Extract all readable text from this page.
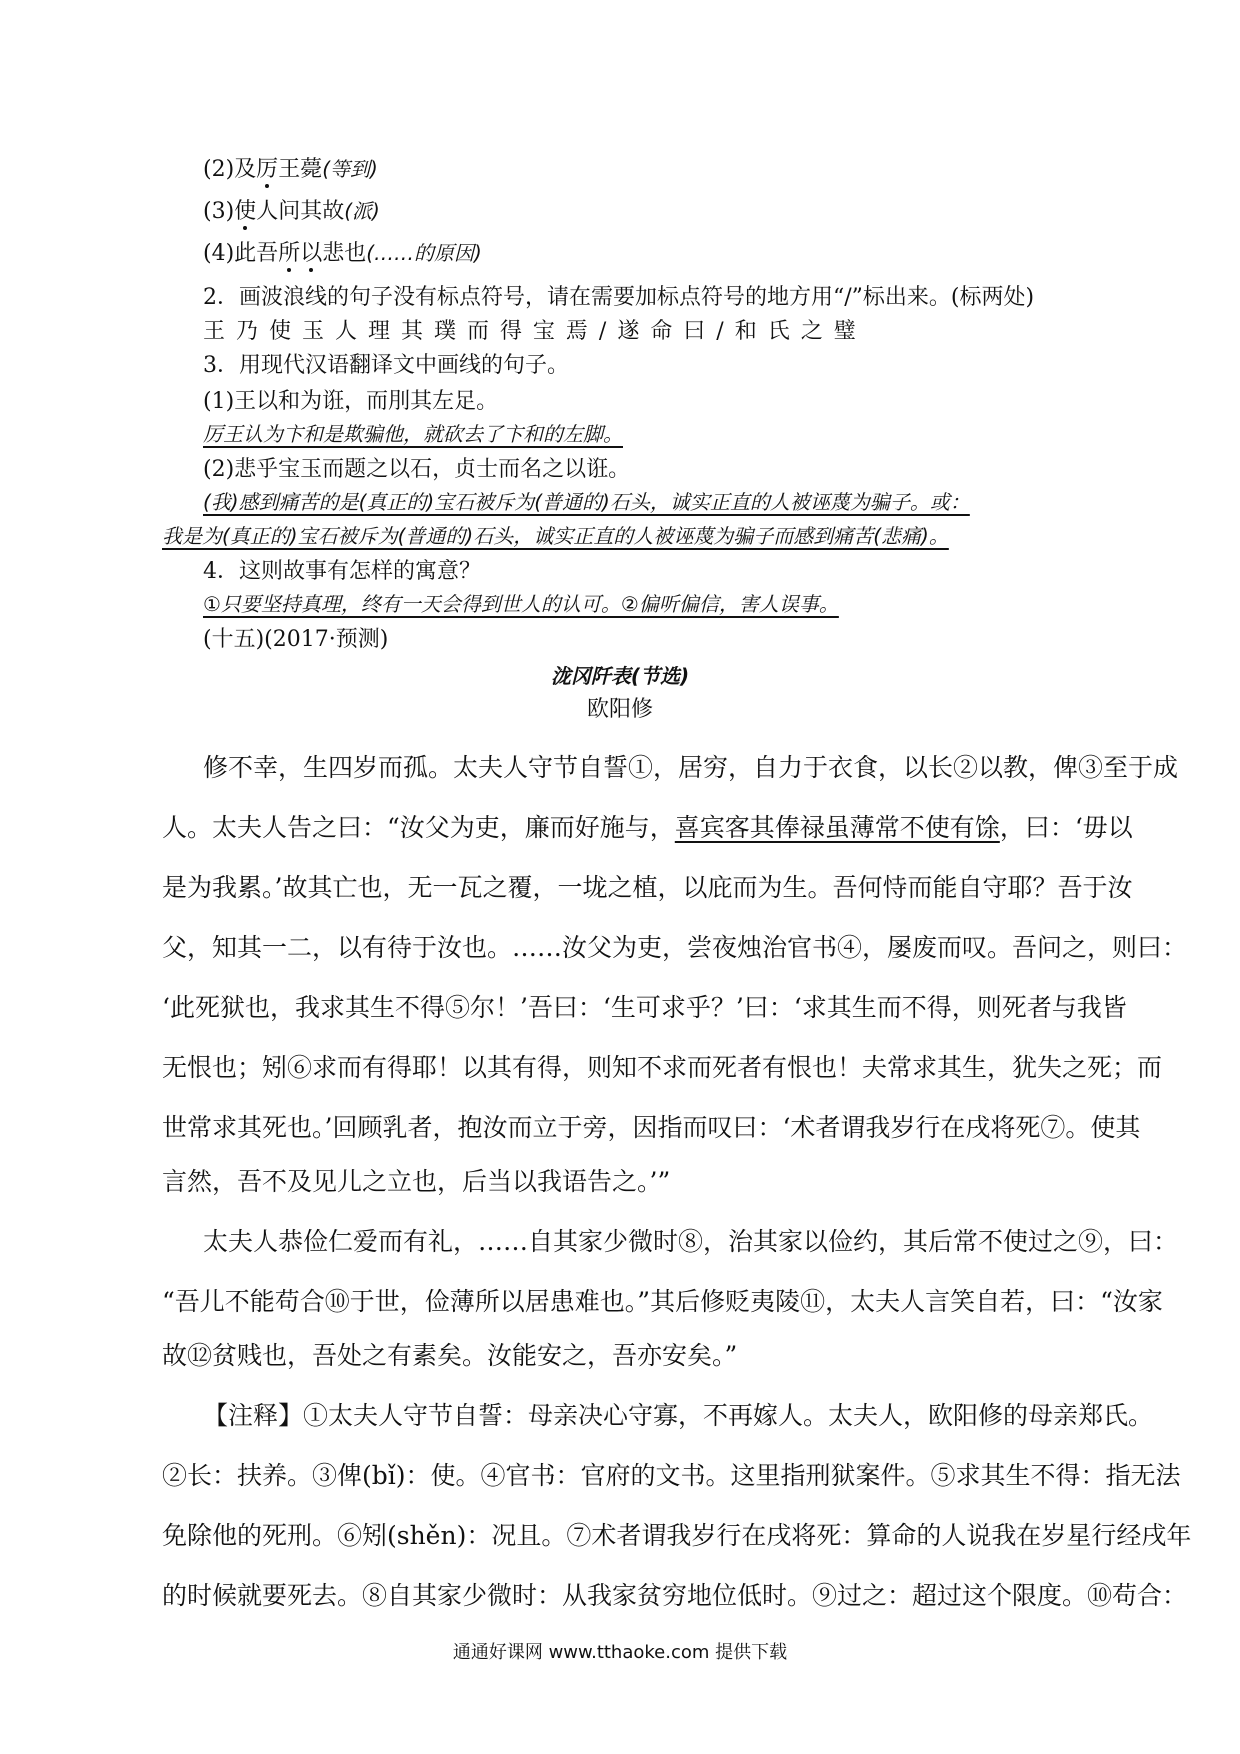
(2)及厉王薨(等到)
(3)使人问其故(派)
(4)此吾所以悲也(……的原因)
2．画波浪线的句子没有标点符号，请在需要加标点符号的地方用“/”标出来。(标两处)
王 乃 使 玉 人 理 其 璞 而 得 宝 焉 / 遂 命 曰 / 和 氏 之 璧
3．用现代汉语翻译文中画线的句子。
(1)王以和为诳，而刖其左足。
厉王认为卞和是欺骗他，就砍去了卞和的左脚。
(2)悲乎宝玉而题之以石，贞士而名之以诳。
(我)感到痛苦的是(真正的)宝石被斥为(普通的)石头，诚实正直的人被诬蔑为骗子。或：
我是为(真正的)宝石被斥为(普通的)石头，诚实正直的人被诬蔑为骗子而感到痛苦(悲痛)。
4．这则故事有怎样的寓意？
①只要坚持真理，终有一天会得到世人的认可。②偏听偏信，害人误事。
(十五)(2017·预测)
泷冈阡表(节选)
欧阳修
修不幸，生四岁而孤。太夫人守节自誓①，居穷，自力于衣食，以长②以教，俾③至于成
人。太夫人告之曰：“汝父为吏，廉而好施与，喜宾客其俸禄虽薄常不使有馀，曰：‘毋以
是为我累。’故其亡也，无一瓦之覆，一垅之植，以庇而为生。吾何恃而能自守耶？吾于汝
父，知其一二，以有待于汝也。……汝父为吏，尝夜烛治官书④，屡废而叹。吾问之，则曰：
‘此死狱也，我求其生不得⑤尔！’吾曰：‘生可求乎？’曰：‘求其生而不得，则死者与我皆
无恨也；矧⑥求而有得耶！以其有得，则知不求而死者有恨也！夫常求其生，犹失之死；而
世常求其死也。’回顾乳者，抱汝而立于旁，因指而叹曰：‘术者谓我岁行在戌将死⑦。使其
言然，吾不及见儿之立也，后当以我语告之。’”
太夫人恭俭仁爱而有礼，……自其家少微时⑧，治其家以俭约，其后常不使过之⑨，曰：
“吾儿不能苟合⑩于世，俭薄所以居患难也。”其后修贬夷陵⑪，太夫人言笑自若，曰：“汝家
故⑫贫贱也，吾处之有素矣。汝能安之，吾亦安矣。”
【注释】①太夫人守节自誓：母亲决心守寡，不再嫁人。太夫人，欧阳修的母亲郑氏。
②长：扶养。③俾(bǐ)：使。④官书：官府的文书。这里指刑狱案件。⑤求其生不得：指无法
免除他的死刑。⑥矧(shěn)：况且。⑦术者谓我岁行在戌将死：算命的人说我在岁星行经戌年
的时候就要死去。⑧自其家少微时：从我家贫穷地位低时。⑨过之：超过这个限度。⑩苟合：
通通好课网 www.tthaoke.com 提供下载
